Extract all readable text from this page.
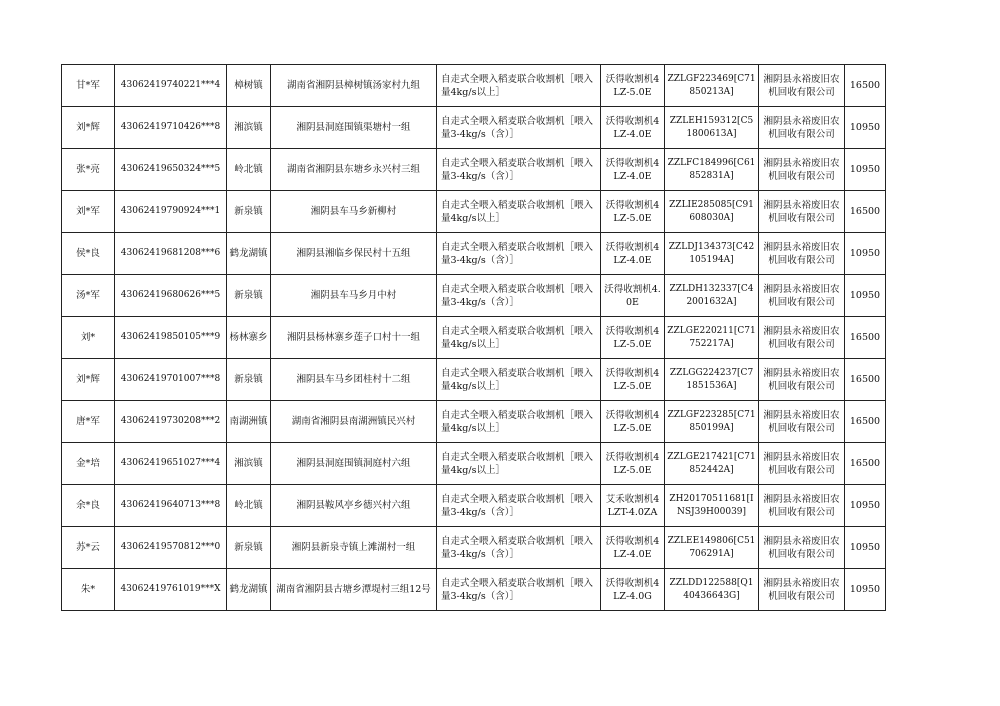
甘*军	43062419740221***4	樟树镇	湖南省湘阴县樟树镇汤家村九组	自走式全喂入稻麦联合收割机［喂入量4kg/s以上］	沃得收割机4LZ-5.0E	ZZLGF223469[C71850213A]	湘阴县永裕废旧农机回收有限公司	16500
刘*辉	43062419710426***8	湘滨镇	湘阴县洞庭围镇渠塘村一组	自走式全喂入稻麦联合收割机［喂入量3-4kg/s（含）］	沃得收割机4LZ-4.0E	ZZLEH159312[C51800613A]	湘阴县永裕废旧农机回收有限公司	10950
张*亮	43062419650324***5	岭北镇	湖南省湘阴县东塘乡永兴村三组	自走式全喂入稻麦联合收割机［喂入量3-4kg/s（含）］	沃得收割机4LZ-4.0E	ZZLFC184996[C61852831A]	湘阴县永裕废旧农机回收有限公司	10950
刘*军	43062419790924***1	新泉镇	湘阴县车马乡新柳村	自走式全喂入稻麦联合收割机［喂入量4kg/s以上］	沃得收割机4LZ-5.0E	ZZLIE285085[C91608030A]	湘阴县永裕废旧农机回收有限公司	16500
侯*良	43062419681208***6	鹤龙湖镇	湘阴县湘临乡保民村十五组	自走式全喂入稻麦联合收割机［喂入量3-4kg/s（含）］	沃得收割机4LZ-4.0E	ZZLDJ134373[C42105194A]	湘阴县永裕废旧农机回收有限公司	10950
汤*军	43062419680626***5	新泉镇	湘阴县车马乡月中村	自走式全喂入稻麦联合收割机［喂入量3-4kg/s（含）］	沃得收割机4.0E	ZZLDH132337[C42001632A]	湘阴县永裕废旧农机回收有限公司	10950
刘*	43062419850105***9	杨林寨乡	湘阴县杨林寨乡莲子口村十一组	自走式全喂入稻麦联合收割机［喂入量4kg/s以上］	沃得收割机4LZ-5.0E	ZZLGE220211[C71752217A]	湘阴县永裕废旧农机回收有限公司	16500
刘*辉	43062419701007***8	新泉镇	湘阴县车马乡团桂村十二组	自走式全喂入稻麦联合收割机［喂入量4kg/s以上］	沃得收割机4LZ-5.0E	ZZLGG224237[C71851536A]	湘阴县永裕废旧农机回收有限公司	16500
唐*军	43062419730208***2	南湖洲镇	湖南省湘阴县南湖洲镇民兴村	自走式全喂入稻麦联合收割机［喂入量4kg/s以上］	沃得收割机4LZ-5.0E	ZZLGF223285[C71850199A]	湘阴县永裕废旧农机回收有限公司	16500
金*培	43062419651027***4	湘滨镇	湘阴县洞庭围镇洞庭村六组	自走式全喂入稻麦联合收割机［喂入量4kg/s以上］	沃得收割机4LZ-5.0E	ZZLGE217421[C71852442A]	湘阴县永裕废旧农机回收有限公司	16500
余*良	43062419640713***8	岭北镇	湘阴县鞍风亭乡德兴村六组	自走式全喂入稻麦联合收割机［喂入量3-4kg/s（含）］	艾禾收割机4LZT-4.0ZA	ZH20170511681[INSJ39H00039]	湘阴县永裕废旧农机回收有限公司	10950
苏*云	43062419570812***0	新泉镇	湘阴县新泉寺镇上滩湖村一组	自走式全喂入稻麦联合收割机［喂入量3-4kg/s（含）］	沃得收割机4LZ-4.0E	ZZLEE149806[C51706291A]	湘阴县永裕废旧农机回收有限公司	10950
朱*	43062419761019***X	鹤龙湖镇	湖南省湘阴县古塘乡潭堤村三组12号	自走式全喂入稻麦联合收割机［喂入量3-4kg/s（含）］	沃得收割机4LZ-4.0G	ZZLDD122588[Q140436643G]	湘阴县永裕废旧农机回收有限公司	10950
